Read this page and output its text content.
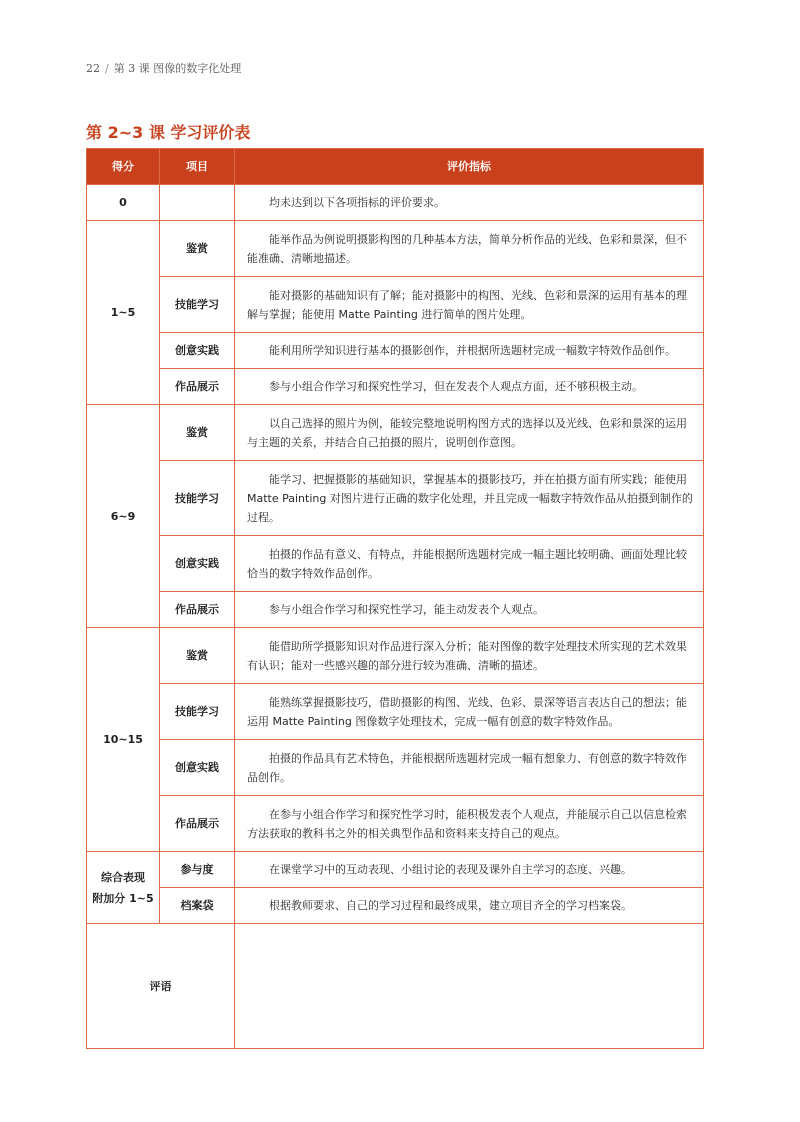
22 / 第 3 课 图像的数字化处理
第 2~3 课 学习评价表
得分	项目	评价指标
0		均未达到以下各项指标的评价要求。
1~5	鉴赏	能举作品为例说明摄影构图的几种基本方法，简单分析作品的光线、色彩和景深，但不能准确、清晰地描述。
	技能学习	能对摄影的基础知识有了解；能对摄影中的构图、光线、色彩和景深的运用有基本的理解与掌握；能使用 Matte Painting 进行简单的图片处理。
	创意实践	能利用所学知识进行基本的摄影创作，并根据所选题材完成一幅数字特效作品创作。
	作品展示	参与小组合作学习和探究性学习，但在发表个人观点方面，还不够积极主动。
6~9	鉴赏	以自己选择的照片为例，能较完整地说明构图方式的选择以及光线、色彩和景深的运用与主题的关系，并结合自己拍摄的照片，说明创作意图。
	技能学习	能学习、把握摄影的基础知识，掌握基本的摄影技巧，并在拍摄方面有所实践；能使用 Matte Painting 对图片进行正确的数字化处理，并且完成一幅数字特效作品从拍摄到制作的过程。
	创意实践	拍摄的作品有意义、有特点，并能根据所选题材完成一幅主题比较明确、画面处理比较恰当的数字特效作品创作。
	作品展示	参与小组合作学习和探究性学习，能主动发表个人观点。
10~15	鉴赏	能借助所学摄影知识对作品进行深入分析；能对图像的数字处理技术所实现的艺术效果有认识；能对一些感兴趣的部分进行较为准确、清晰的描述。
	技能学习	能熟练掌握摄影技巧，借助摄影的构图、光线、色彩、景深等语言表达自己的想法；能运用 Matte Painting 图像数字处理技术，完成一幅有创意的数字特效作品。
	创意实践	拍摄的作品具有艺术特色，并能根据所选题材完成一幅有想象力、有创意的数字特效作品创作。
	作品展示	在参与小组合作学习和探究性学习时，能积极发表个人观点，并能展示自己以信息检索方法获取的教科书之外的相关典型作品和资料来支持自己的观点。

综合表现
附加分 1~5	参与度	在课堂学习中的互动表现、小组讨论的表现及课外自主学习的态度、兴趣。
	档案袋	根据教师要求、自己的学习过程和最终成果，建立项目齐全的学习档案袋。
评语		
